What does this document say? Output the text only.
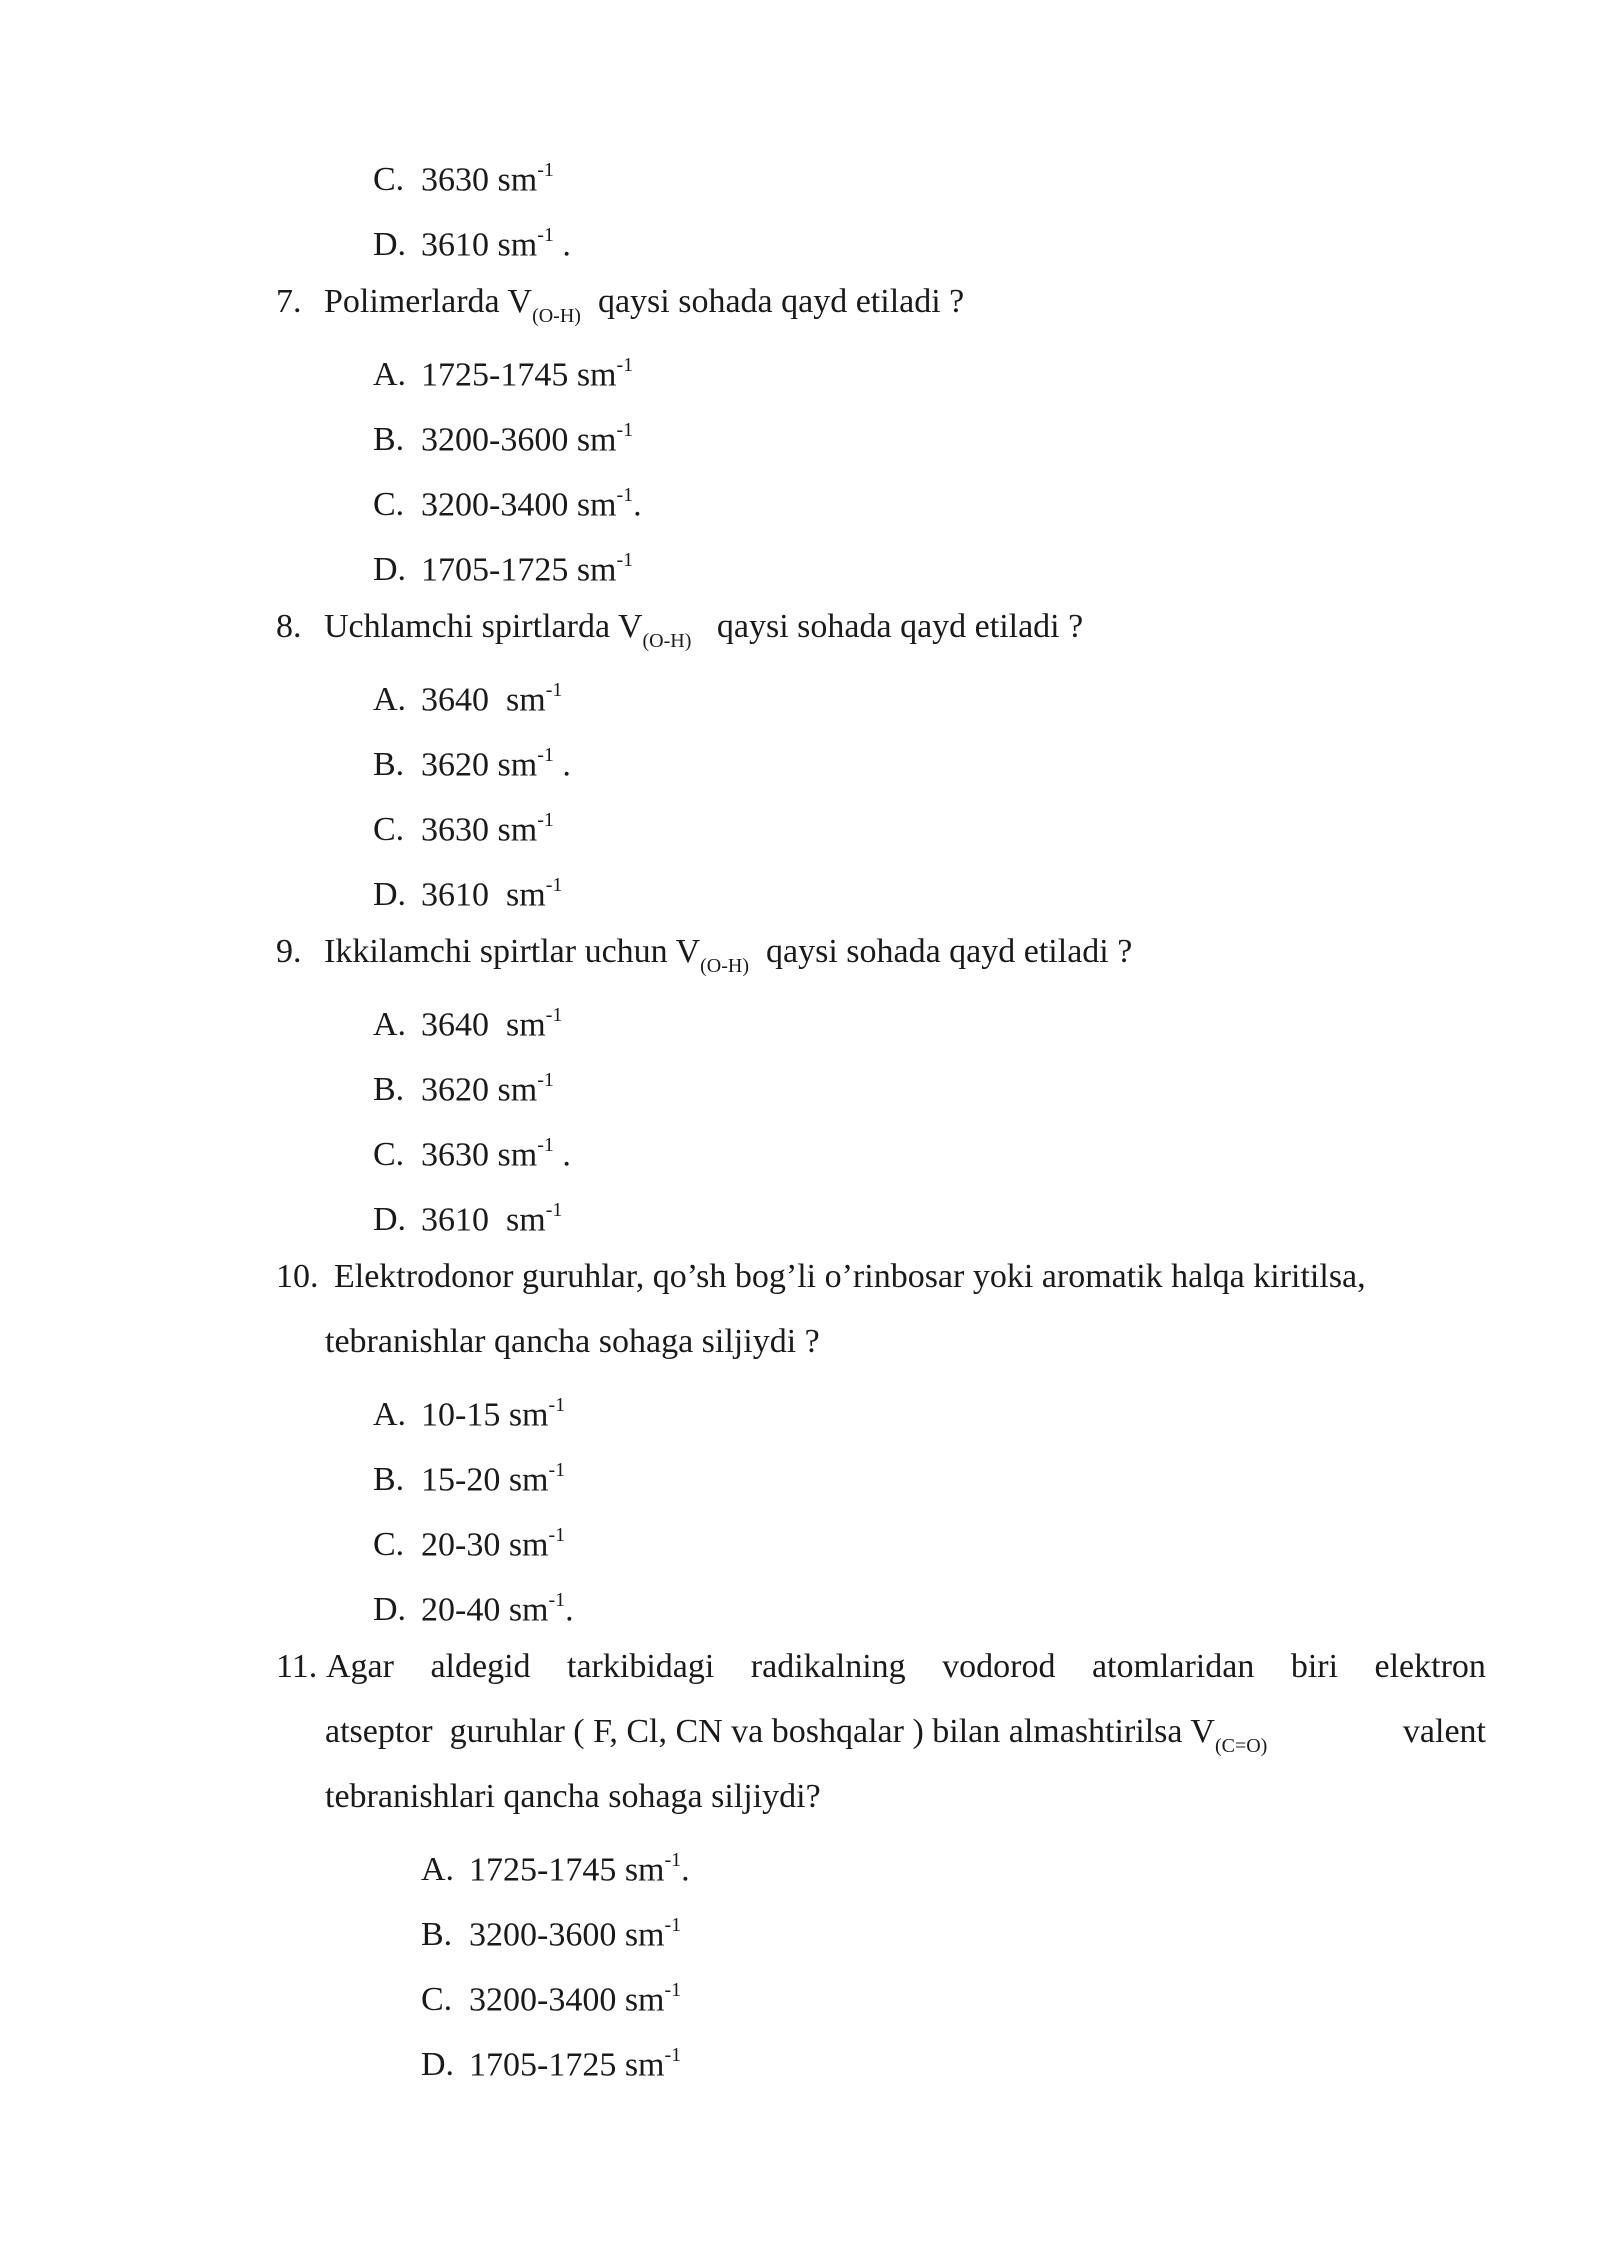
C. 3630 $sm^{-1}$
D. 3610 $sm^{-1}$ .
7. Polimerlarda $V_{(O-H)}$  qaysi sohada qayd etiladi ?
A. 1725-1745 $sm^{-1}$
B. 3200-3600 $sm^{-1}$
C. 3200-3400 $sm^{-1}$.
D. 1705-1725 $sm^{-1}$
8. Uchlamchi spirtlarda $V_{(O-H)}$   qaysi sohada qayd etiladi ?
A. 3640  $sm^{-1}$
B. 3620 $sm^{-1}$ .
C. 3630 $sm^{-1}$
D. 3610  $sm^{-1}$
9. Ikkilamchi spirtlar uchun $V_{(O-H)}$  qaysi sohada qayd etiladi ?
A. 3640  $sm^{-1}$
B. 3620 $sm^{-1}$
C. 3630 $sm^{-1}$ .
D. 3610  $sm^{-1}$
10. Elektrodonor guruhlar, qo’sh bog’li o’rinbosar yoki aromatik halqa kiritilsa,
tebranishlar qancha sohaga siljiydi ?
A. 10-15 $sm^{-1}$
B. 15-20 $sm^{-1}$
C. 20-30 $sm^{-1}$
D. 20-40 $sm^{-1}$.
11. Agar aldegid tarkibidagi radikalning vodorod atomlaridan biri elektron
atseptor  guruhlar ( F, Cl, CN va boshqalar ) bilan almashtirilsa $V_{(C=O)}$	valent
tebranishlari qancha sohaga siljiydi?
A. 1725-1745 $sm^{-1}$.
B. 3200-3600 $sm^{-1}$
C. 3200-3400 $sm^{-1}$
D. 1705-1725 $sm^{-1}$
